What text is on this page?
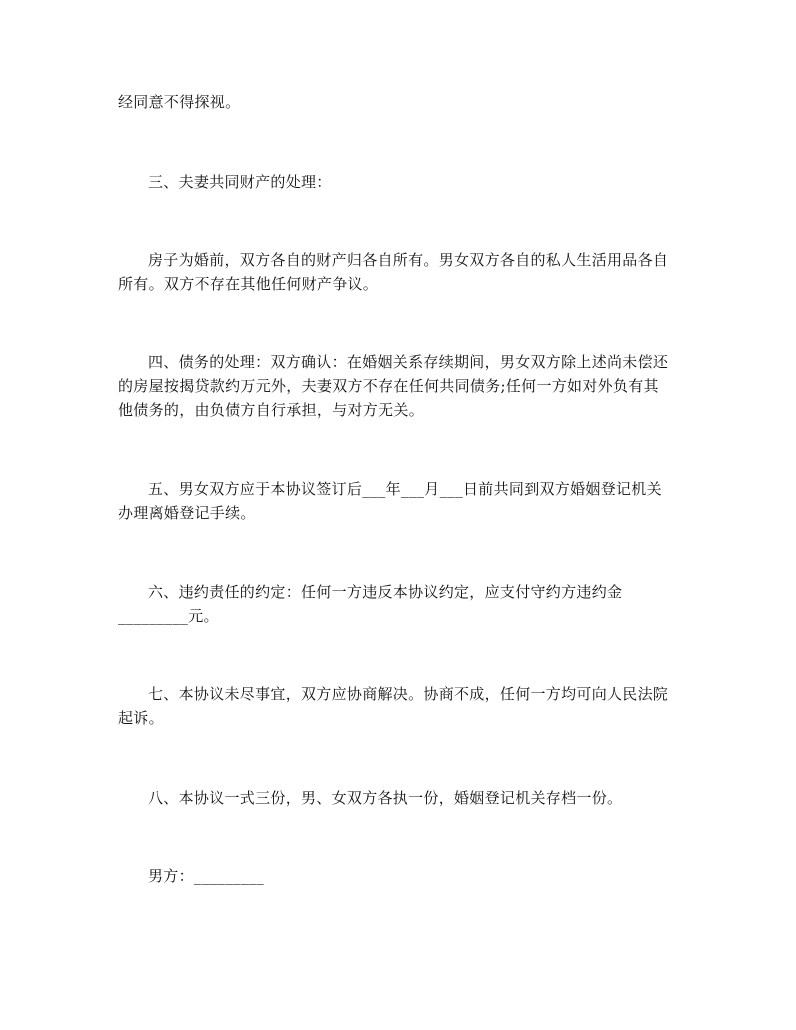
经同意不得探视。
三、夫妻共同财产的处理：
房子为婚前，双方各自的财产归各自所有。男女双方各自的私人生活用品各自
所有。双方不存在其他任何财产争议。
四、债务的处理：双方确认：在婚姻关系存续期间，男女双方除上述尚未偿还
的房屋按揭贷款约万元外，夫妻双方不存在任何共同债务;任何一方如对外负有其
他债务的，由负债方自行承担，与对方无关。
五、男女双方应于本协议签订后___年___月___日前共同到双方婚姻登记机关
办理离婚登记手续。
六、违约责任的约定：任何一方违反本协议约定，应支付守约方违约金
_________元。
七、本协议未尽事宜，双方应协商解决。协商不成，任何一方均可向人民法院
起诉。
八、本协议一式三份，男、女双方各执一份，婚姻登记机关存档一份。
男方：_________
